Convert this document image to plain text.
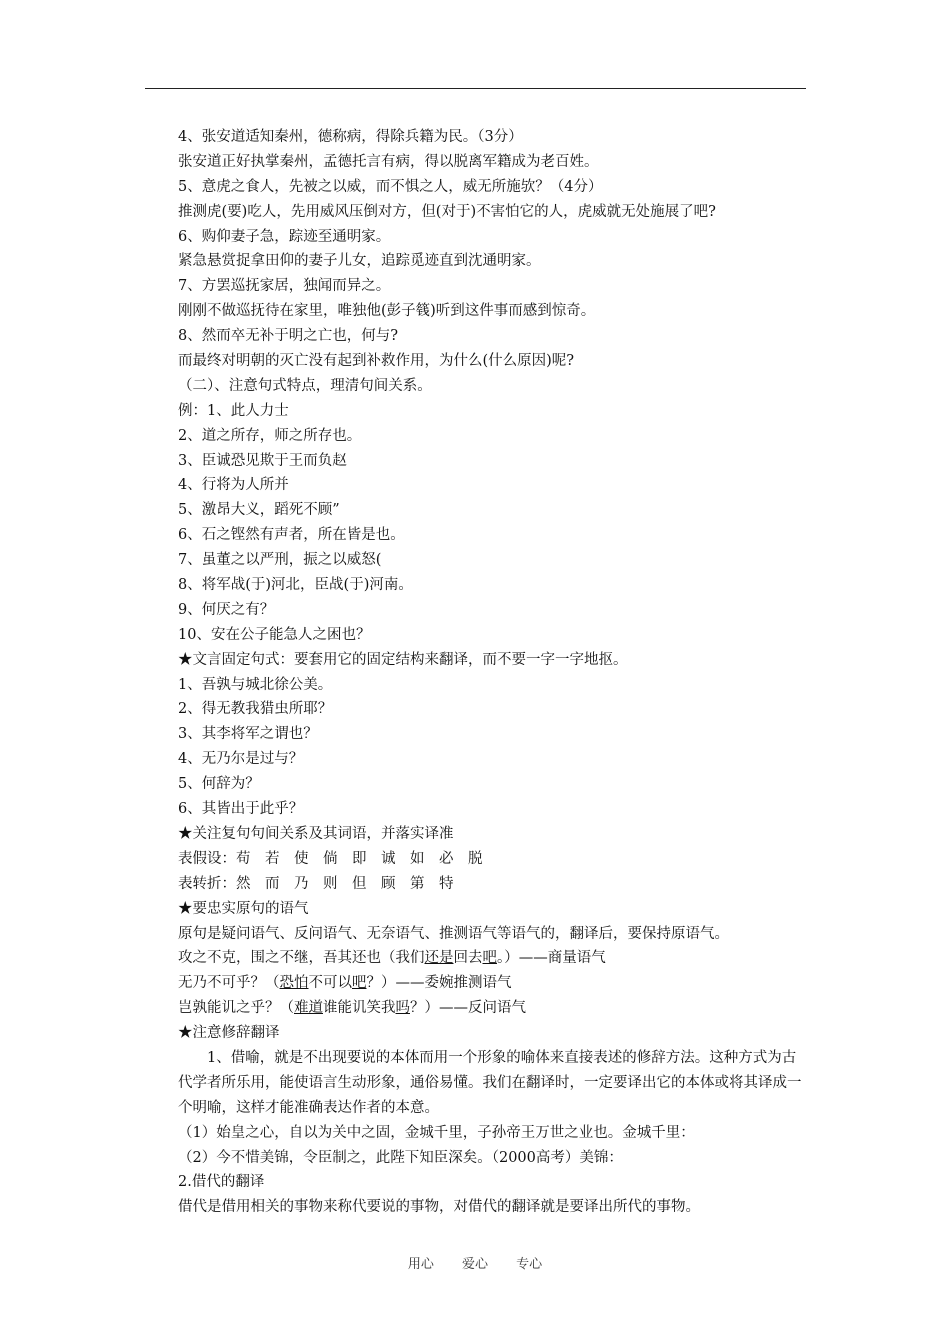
4、张安道适知秦州，德称病，得除兵籍为民。（3分）
张安道正好执掌秦州，孟德托言有病，得以脱离军籍成为老百姓。
5、意虎之食人，先被之以威，而不惧之人，威无所施欤？（4分）
推测虎(要)吃人，先用威风压倒对方，但(对于)不害怕它的人，虎威就无处施展了吧?
6、购仰妻子急，踪迹至通明家。
紧急悬赏捉拿田仰的妻子儿女，追踪觅迹直到沈通明家。
7、方罢巡抚家居，独闻而异之。
刚刚不做巡抚待在家里，唯独他(彭子篯)听到这件事而感到惊奇。
8、然而卒无补于明之亡也，何与?
而最终对明朝的灭亡没有起到补救作用，为什么(什么原因)呢?
（二）、注意句式特点，理清句间关系。
例：1、此人力士
2、道之所存，师之所存也。
3、臣诚恐见欺于王而负赵
4、行将为人所并
5、激昂大义，蹈死不顾”
6、石之铿然有声者，所在皆是也。
7、虽董之以严刑，振之以威怒(
8、将军战(于)河北，臣战(于)河南。
9、何厌之有？
10、安在公子能急人之困也？
★文言固定句式：要套用它的固定结构来翻译，而不要一字一字地抠。
1、吾孰与城北徐公美。
2、得无教我猎虫所耶？
3、其李将军之谓也？
4、无乃尔是过与？
5、何辞为？
6、其皆出于此乎？
★关注复句句间关系及其词语，并落实译准
表假设：苟　若　使　倘　即　诚　如　必　脱
表转折：然　而　乃　则　但　顾　第　特
★要忠实原句的语气
原句是疑问语气、反问语气、无奈语气、推测语气等语气的，翻译后，要保持原语气。
攻之不克，围之不继，吾其还也（我们还是回去吧。）——商量语气
无乃不可乎？（恐怕不可以吧？）——委婉推测语气
岂孰能讥之乎？（难道谁能讥笑我吗？）——反问语气
★注意修辞翻译
1、借喻，就是不出现要说的本体而用一个形象的喻体来直接表述的修辞方法。这种方式为古代学者所乐用，能使语言生动形象，通俗易懂。我们在翻译时，一定要译出它的本体或将其译成一个明喻，这样才能准确表达作者的本意。
（1）始皇之心，自以为关中之固，金城千里，子孙帝王万世之业也。金城千里：
（2）今不惜美锦，令臣制之，此陛下知臣深矣。（2000高考）美锦：
2.借代的翻译
借代是借用相关的事物来称代要说的事物，对借代的翻译就是要译出所代的事物。
用心 爱心 专心
